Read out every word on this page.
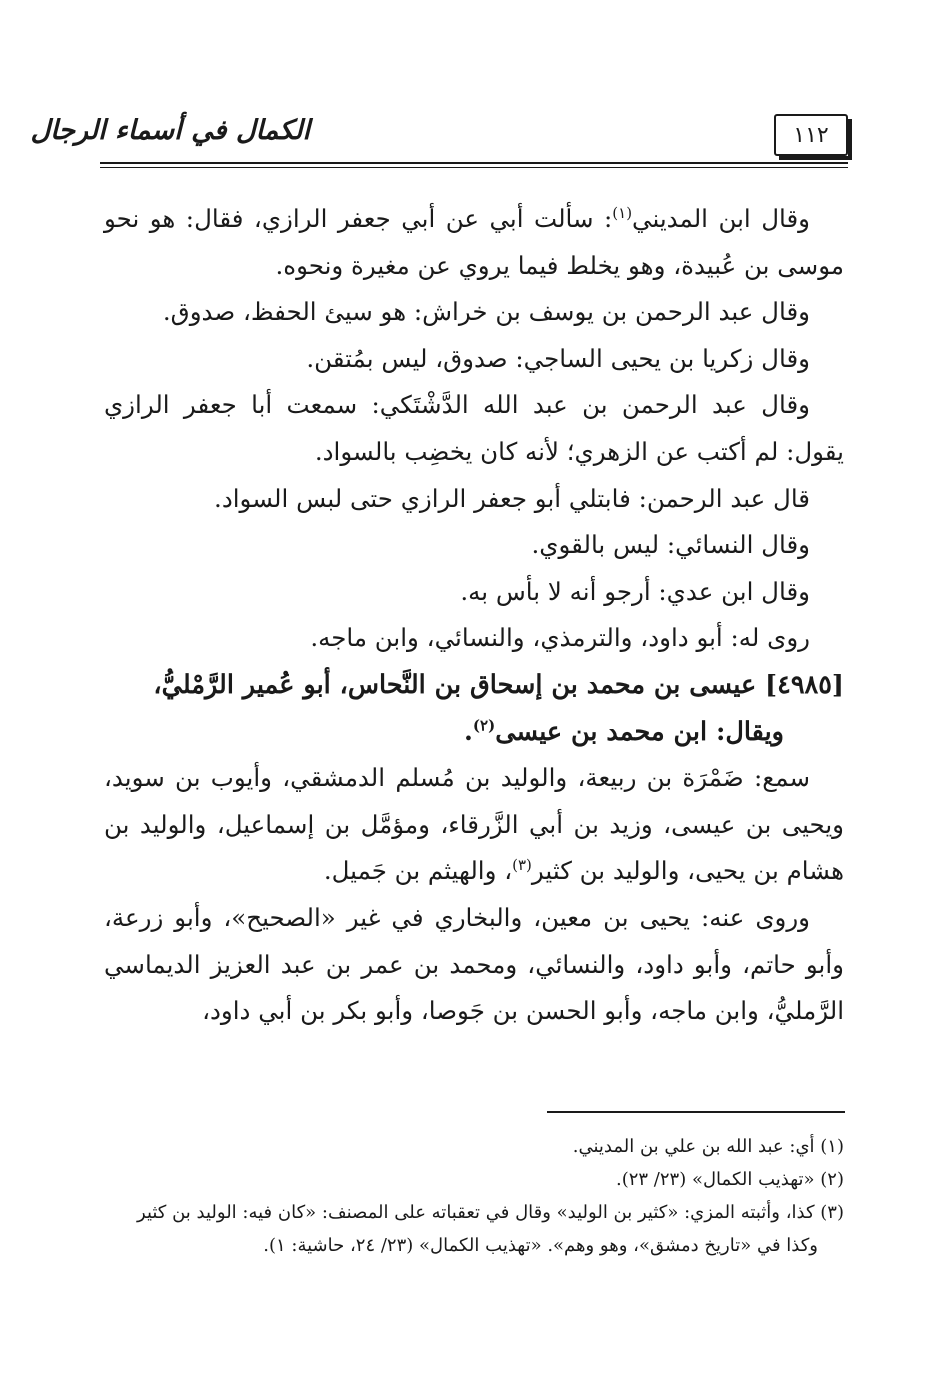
١١٢
الكمال في أسماء الرجال

وقال ابن المديني$^{(١)}$: سألت أبي عن أبي جعفر الرازي، فقال: هو نحو موسى بن عُبيدة، وهو يخلط فيما يروي عن مغيرة ونحوه.

وقال عبد الرحمن بن يوسف بن خراش: هو سيئ الحفظ، صدوق.

وقال زكريا بن يحيى الساجي: صدوق، ليس بمُتقن.

وقال عبد الرحمن بن عبد الله الدَّشْتَكي: سمعت أبا جعفر الرازي يقول: لم أكتب عن الزهري؛ لأنه كان يخضِب بالسواد.

قال عبد الرحمن: فابتلي أبو جعفر الرازي حتى لبس السواد.

وقال النسائي: ليس بالقوي.

وقال ابن عدي: أرجو أنه لا بأس به.

روى له: أبو داود، والترمذي، والنسائي، وابن ماجه.

[٤٩٨٥] عيسى بن محمد بن إسحاق بن النَّحاس، أبو عُمير الرَّمْليُّ،

ويقال: ابن محمد بن عيسى$^{(٢)}$.

سمع: ضَمْرَة بن ربيعة، والوليد بن مُسلم الدمشقي، وأيوب بن سويد، ويحيى بن عيسى، وزيد بن أبي الزَّرقاء، ومؤمَّل بن إسماعيل، والوليد بن هشام بن يحيى، والوليد بن كثير$^{(٣)}$، والهيثم بن جَميل.

وروى عنه: يحيى بن معين، والبخاري في غير «الصحيح»، وأبو زرعة، وأبو حاتم، وأبو داود، والنسائي، ومحمد بن عمر بن عبد العزيز الديماسي الرَّمليُّ، وابن ماجه، وأبو الحسن بن جَوصا، وأبو بكر بن أبي داود،

(١) أي: عبد الله بن علي بن المديني.

(٢) «تهذيب الكمال» (٢٣/ ٢٣).

(٣) كذا، وأثبته المزي: «كثير بن الوليد» وقال في تعقباته على المصنف: «كان فيه: الوليد بن كثير

وكذا في «تاريخ دمشق»، وهو وهم». «تهذيب الكمال» (٢٣/ ٢٤، حاشية: ١).
